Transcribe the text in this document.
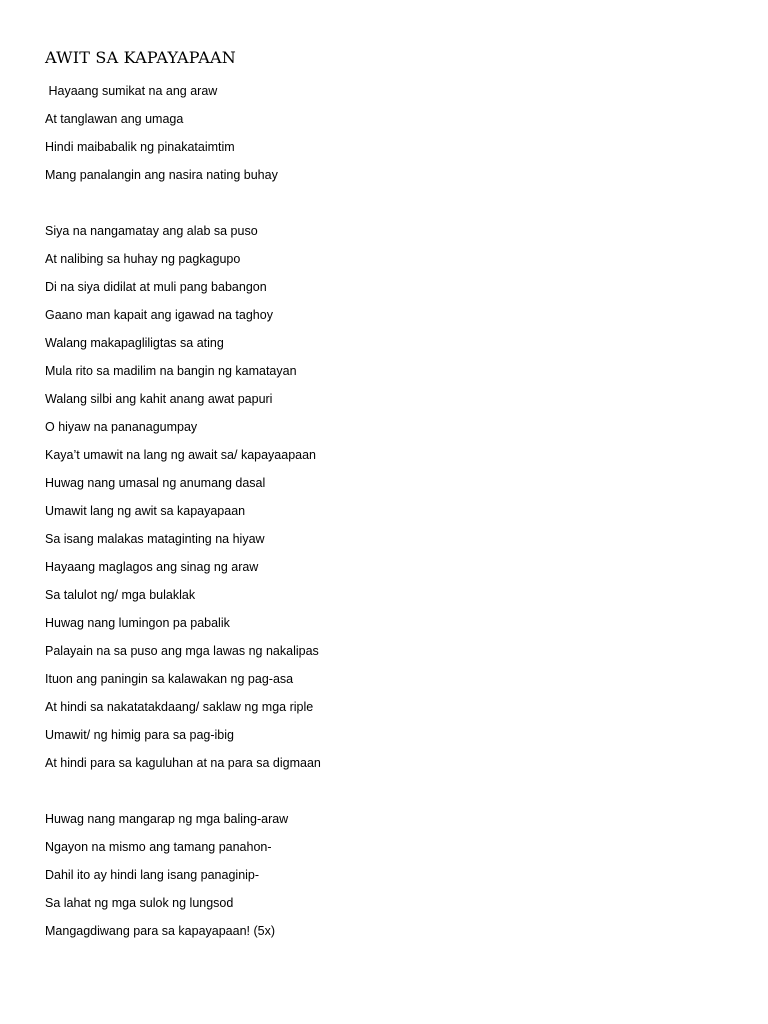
AWIT SA KAPAYAPAAN
Hayaang sumikat na ang araw
At tanglawan ang umaga
Hindi maibabalik ng pinakataimtim
Mang panalangin ang nasira nating buhay
Siya na nangamatay ang alab sa puso
At nalibing sa huhay ng pagkagupo
Di na siya didilat at muli pang babangon
Gaano man kapait ang igawad na taghoy
Walang makapagliligtas sa ating
Mula rito sa madilim na bangin ng kamatayan
Walang silbi ang kahit anang awat papuri
O hiyaw na pananagumpay
Kaya’t umawit na lang ng await sa/ kapayaapaan
Huwag nang umasal ng anumang dasal
Umawit lang ng awit sa kapayapaan
Sa isang malakas mataginting na hiyaw
Hayaang maglagos ang sinag ng araw
Sa talulot ng/ mga bulaklak
Huwag nang lumingon pa pabalik
Palayain na sa puso ang mga lawas ng nakalipas
Ituon ang paningin sa kalawakan ng pag-asa
At hindi sa nakatatakdaang/ saklaw ng mga riple
Umawit/ ng himig para sa pag-ibig
At hindi para sa kaguluhan at na para sa digmaan
Huwag nang mangarap ng mga baling-araw
Ngayon na mismo ang tamang panahon-
Dahil ito ay hindi lang isang panaginip-
Sa lahat ng mga sulok ng lungsod
Mangagdiwang para sa kapayapaan! (5x)
